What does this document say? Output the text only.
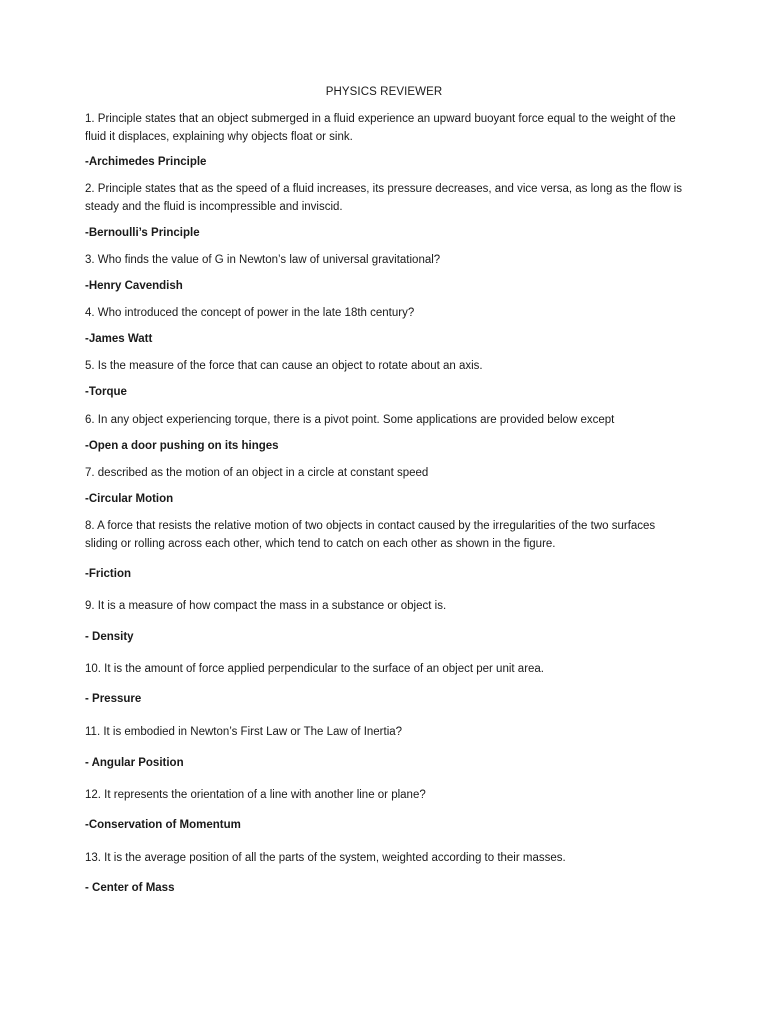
PHYSICS REVIEWER
1. Principle states that an object submerged in a fluid experience an upward buoyant force equal to the weight of the fluid it displaces, explaining why objects float or sink.
-Archimedes Principle
2. Principle states that as the speed of a fluid increases, its pressure decreases, and vice versa, as long as the flow is steady and the fluid is incompressible and inviscid.
-Bernoulli’s Principle
3. Who finds the value of G in Newton’s law of universal gravitational?
-Henry Cavendish
4. Who introduced the concept of power in the late 18th century?
-James Watt
5. Is the measure of the force that can cause an object to rotate about an axis.
-Torque
6. In any object experiencing torque, there is a pivot point. Some applications are provided below except
-Open a door pushing on its hinges
7. described as the motion of an object in a circle at constant speed
-Circular Motion
8. A force that resists the relative motion of two objects in contact caused by the irregularities of the two surfaces sliding or rolling across each other, which tend to catch on each other as shown in the figure.
-Friction
9. It is a measure of how compact the mass in a substance or object is.
- Density
10. It is the amount of force applied perpendicular to the surface of an object per unit area.
- Pressure
11. It is embodied in Newton’s First Law or The Law of Inertia?
- Angular Position
12. It represents the orientation of a line with another line or plane?
-Conservation of Momentum
13. It is the average position of all the parts of the system, weighted according to their masses.
- Center of Mass
